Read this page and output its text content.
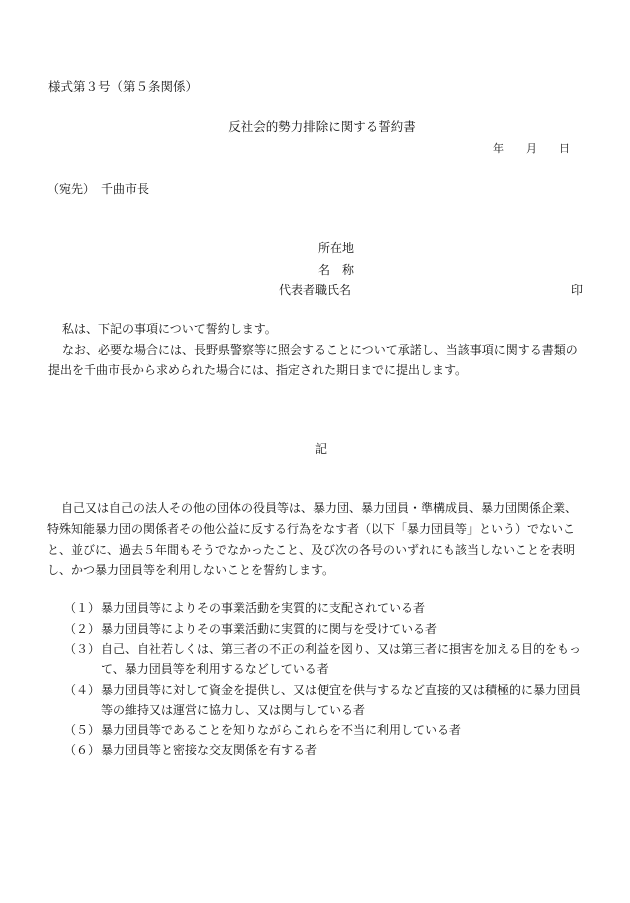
様式第３号（第５条関係）
反社会的勢力排除に関する誓約書
年 月 日
（宛先）　千曲市長
所在地
名　称
代表者職氏名	印
私は、下記の事項について誓約します。
なお、必要な場合には、長野県警察等に照会することについて承諾し、当該事項に関する書類の
提出を千曲市長から求められた場合には、指定された期日までに提出します。
記
自己又は自己の法人その他の団体の役員等は、暴力団、暴力団員・準構成員、暴力団関係企業、
特殊知能暴力団の関係者その他公益に反する行為をなす者（以下「暴力団員等」という）でないこ
と、並びに、過去５年間もそうでなかったこと、及び次の各号のいずれにも該当しないことを表明
し、かつ暴力団員等を利用しないことを誓約します。
（１） 暴力団員等によりその事業活動を実質的に支配されている者
（２） 暴力団員等によりその事業活動に実質的に関与を受けている者
（３） 自己、自社若しくは、第三者の不正の利益を図り、又は第三者に損害を加える目的をもっ
て、暴力団員等を利用するなどしている者
（４） 暴力団員等に対して資金を提供し、又は便宜を供与するなど直接的又は積極的に暴力団員
等の維持又は運営に協力し、又は関与している者
（５） 暴力団員等であることを知りながらこれらを不当に利用している者
（６） 暴力団員等と密接な交友関係を有する者
